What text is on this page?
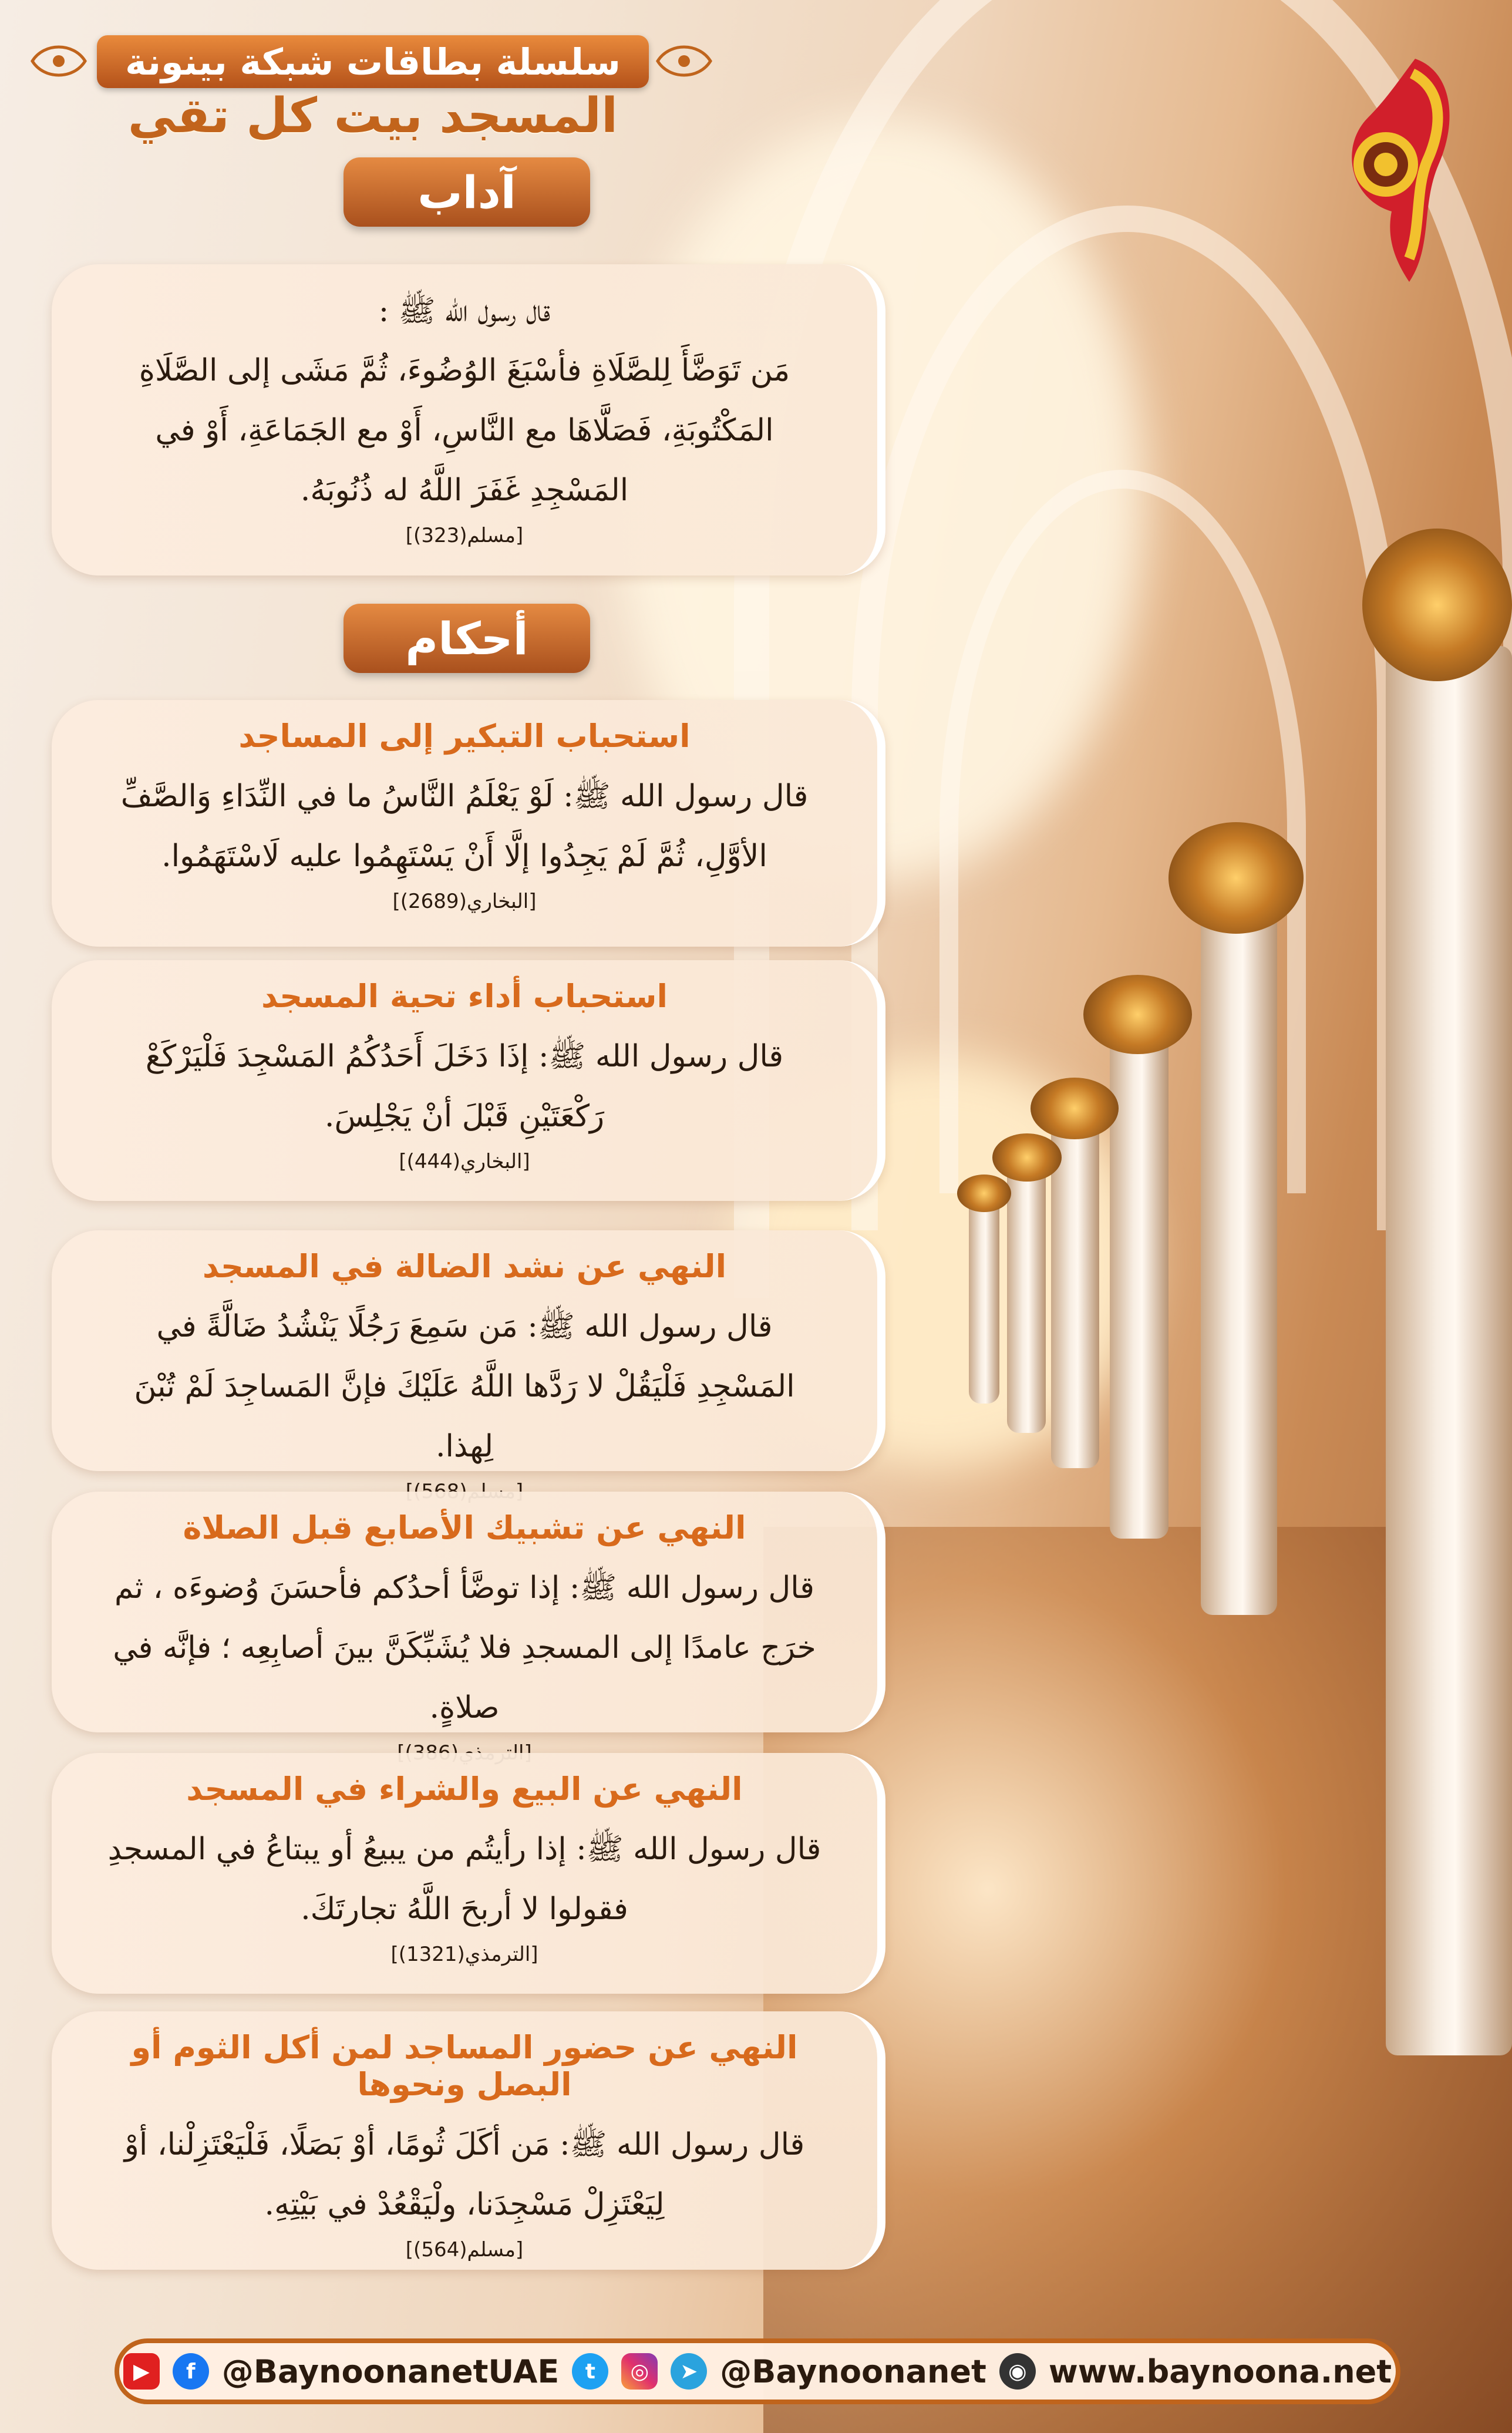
سلسلة بطاقات شبكة بينونة
المسجد بيت كل تقي
آداب
قال رسول الله ﷺ :
مَن تَوَضَّأَ لِلصَّلَاةِ فأسْبَغَ الوُضُوءَ، ثُمَّ مَشَى إلى الصَّلَاةِ المَكْتُوبَةِ، فَصَلَّاهَا مع النَّاسِ، أَوْ مع الجَمَاعَةِ، أَوْ في المَسْجِدِ غَفَرَ اللَّهُ له ذُنُوبَهُ.
[مسلم(323)]
أحكام
استحباب التبكير إلى المساجد
قال رسول الله ﷺ: لَوْ يَعْلَمُ النَّاسُ ما في النِّدَاءِ وَالصَّفِّ الأوَّلِ، ثُمَّ لَمْ يَجِدُوا إلَّا أَنْ يَسْتَهِمُوا عليه لَاسْتَهَمُوا.
[البخاري(2689)]
استحباب أداء تحية المسجد
قال رسول الله ﷺ: إذَا دَخَلَ أَحَدُكُمُ المَسْجِدَ فَلْيَرْكَعْ رَكْعَتَيْنِ قَبْلَ أنْ يَجْلِسَ.
[البخاري(444)]
النهي عن نشد الضالة في المسجد
قال رسول الله ﷺ: مَن سَمِعَ رَجُلًا يَنْشُدُ ضَالَّةً في المَسْجِدِ فَلْيَقُلْ لا رَدَّها اللَّهُ عَلَيْكَ فإنَّ المَساجِدَ لَمْ تُبْنَ لِهذا.
النهي عن تشبيك الأصابع قبل الصلاة
قال رسول الله ﷺ: إذا توضَّأ أحدُكم فأحسَنَ وُضوءَه ، ثم خرَج عامدًا إلى المسجدِ فلا يُشَبِّكَنَّ بينَ أصابِعِه ؛ فإنَّه في صلاةٍ.
النهي عن البيع والشراء في المسجد
قال رسول الله ﷺ: إذا رأيتُم من يبيعُ أو يبتاعُ في المسجدِ فقولوا لا أربحَ اللَّهُ تجارتَكَ.
[الترمذي(1321)]
النهي عن حضور المساجد لمن أكل الثوم أو البصل ونحوها
قال رسول الله ﷺ: مَن أكَلَ ثُومًا، أوْ بَصَلًا، فَلْيَعْتَزِلْنا، أوْ لِيَعْتَزِلْ مَسْجِدَنا، ولْيَقْعُدْ في بَيْتِهِ.
[مسلم(564)]
▶	f @BaynoonanetUAE	t	◎	➤ @Baynoonanet	◉ www.baynoona.net
